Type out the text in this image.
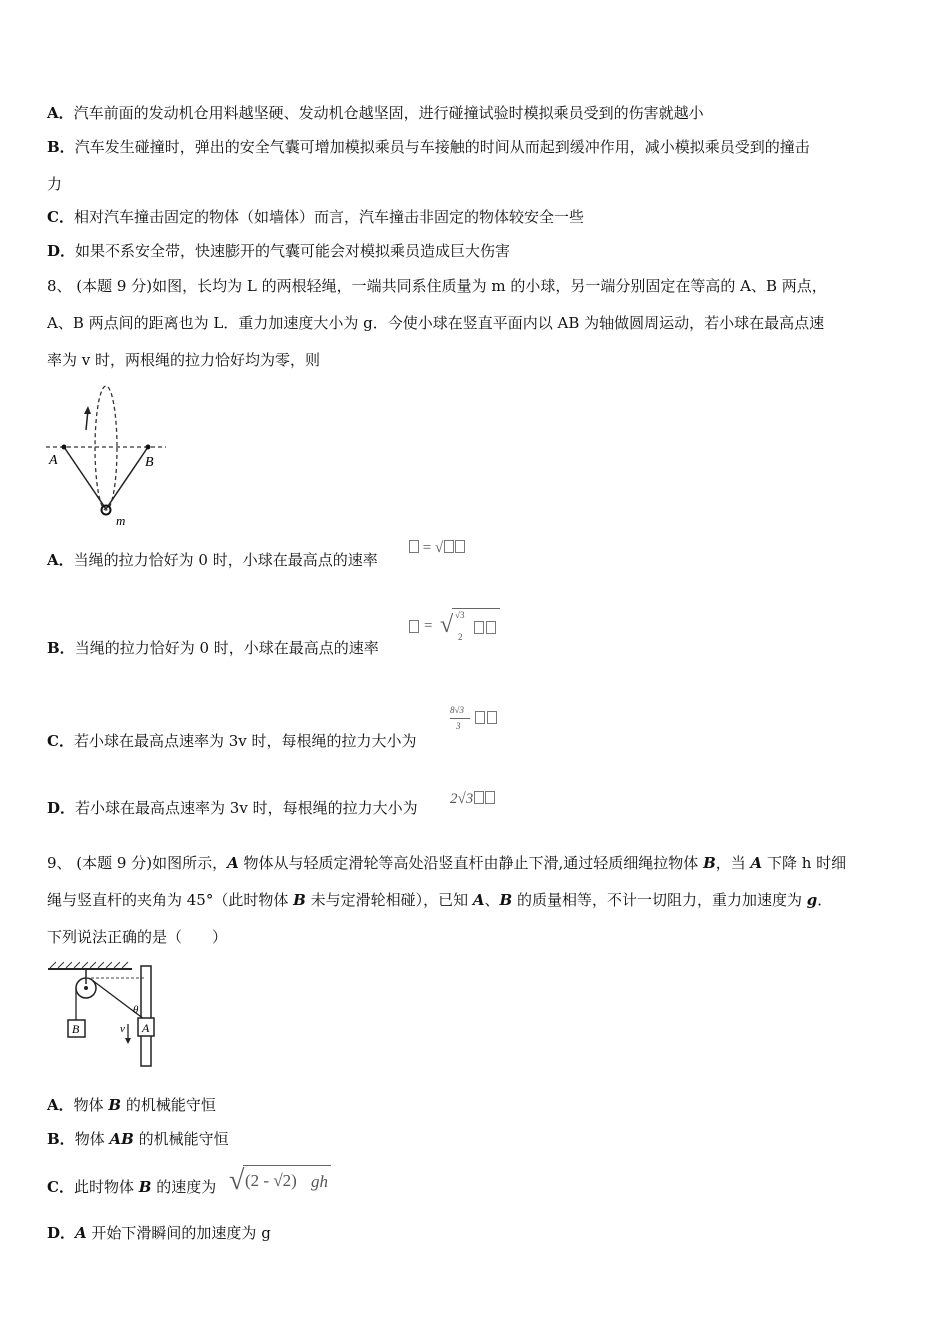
A．汽车前面的发动机仓用料越坚硬、发动机仓越坚固，进行碰撞试验时模拟乘员受到的伤害就越小
B．汽车发生碰撞时，弹出的安全气囊可增加模拟乘员与车接触的时间从而起到缓冲作用，减小模拟乘员受到的撞击
力
C．相对汽车撞击固定的物体（如墙体）而言，汽车撞击非固定的物体较安全一些
D．如果不系安全带，快速膨开的气囊可能会对模拟乘员造成巨大伤害
8、 (本题 9 分)如图，长均为 L 的两根轻绳，一端共同系住质量为 m 的小球，另一端分别固定在等高的 A、B 两点，
A、B 两点间的距离也为 L．重力加速度大小为 g．今使小球在竖直平面内以 AB 为轴做圆周运动，若小球在最高点速
率为 v 时，两根绳的拉力恰好均为零，则
A	B
m
A．当绳的拉力恰好为 0 时，小球在最高点的速率
= √
B．当绳的拉力恰好为 0 时，小球在最高点的速率
= √ √3
2
C．若小球在最高点速率为 3v 时，每根绳的拉力大小为
8√3
3
D．若小球在最高点速率为 3v 时，每根绳的拉力大小为 2√3
9、 (本题 9 分)如图所示，A 物体从与轻质定滑轮等高处沿竖直杆由静止下滑,通过轻质细绳拉物体 B，当 A 下降 h 时细
绳与竖直杆的夹角为 45°（此时物体 B 未与定滑轮相碰），已知 A、B 的质量相等，不计一切阻力，重力加速度为 g．
下列说法正确的是（　　）
B	A
v
θ
A．物体 B 的机械能守恒
B．物体 AB 的机械能守恒
C．此时物体 B 的速度为 √ (2 - √2) gh
D．A 开始下滑瞬间的加速度为 g
